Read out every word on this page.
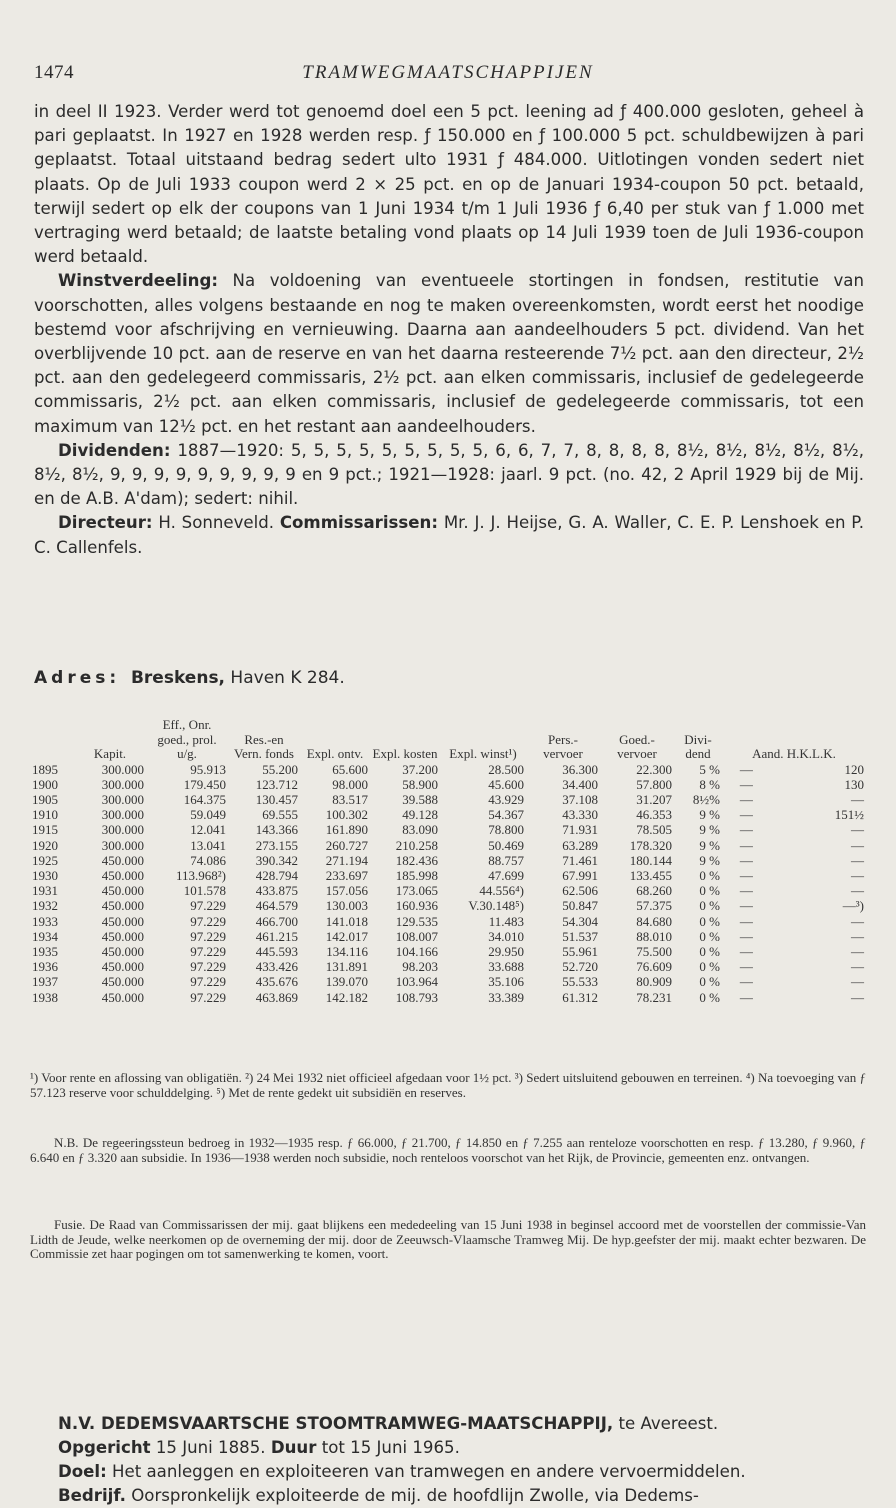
1474	TRAMWEGMAATSCHAPPIJEN

in deel II 1923. Verder werd tot genoemd doel een 5 pct. leening ad ƒ 400.000 gesloten, geheel à pari geplaatst. In 1927 en 1928 werden resp. ƒ 150.000 en ƒ 100.000 5 pct. schuldbewijzen à pari geplaatst. Totaal uitstaand bedrag sedert ulto 1931 ƒ 484.000. Uitlotingen vonden sedert niet plaats. Op de Juli 1933 coupon werd 2 × 25 pct. en op de Januari 1934-coupon 50 pct. betaald, terwijl sedert op elk der coupons van 1 Juni 1934 t/m 1 Juli 1936 ƒ 6,40 per stuk van ƒ 1.000 met vertraging werd betaald; de laatste betaling vond plaats op 14 Juli 1939 toen de Juli 1936-coupon werd betaald.

Winstverdeeling: Na voldoening van eventueele stortingen in fondsen, restitutie van voorschotten, alles volgens bestaande en nog te maken overeenkomsten, wordt eerst het noodige bestemd voor afschrijving en vernieuwing. Daarna aan aandeelhouders 5 pct. dividend. Van het overblijvende 10 pct. aan de reserve en van het daarna resteerende 7½ pct. aan den directeur, 2½ pct. aan den gedelegeerd commissaris, 2½ pct. aan elken commissaris, inclusief de gedelegeerde commissaris, 2½ pct. aan elken commissaris, inclusief de gedelegeerde commissaris, tot een maximum van 12½ pct. en het restant aan aandeelhouders.

Dividenden: 1887—1920: 5, 5, 5, 5, 5, 5, 5, 5, 5, 6, 6, 7, 7, 8, 8, 8, 8, 8½, 8½, 8½, 8½, 8½, 8½, 8½, 9, 9, 9, 9, 9, 9, 9, 9, 9 en 9 pct.; 1921—1928: jaarl. 9 pct. (no. 42, 2 April 1929 bij de Mij. en de A.B. A'dam); sedert: nihil.

Directeur: H. Sonneveld. Commissarissen: Mr. J. J. Heijse, G. A. Waller, C. E. P. Lenshoek en P. C. Callenfels.

Adres: Breskens, Haven K 284.
	Kapit.	Eff., Onr. goed., prol. u/g.	Res.-en Vern. fonds	Expl. ontv.	Expl. kosten	Expl. winst¹)	Pers.- vervoer	Goed.- vervoer	Divi- dend	Aand. H.K.L.K.	
1895	300.000	95.913	55.200	65.600	37.200	28.500	36.300	22.300	5 %	—	120
1900	300.000	179.450	123.712	98.000	58.900	45.600	34.400	57.800	8 %	—	130
1905	300.000	164.375	130.457	83.517	39.588	43.929	37.108	31.207	8½%	—	—
1910	300.000	59.049	69.555	100.302	49.128	54.367	43.330	46.353	9 %	—	151½
1915	300.000	12.041	143.366	161.890	83.090	78.800	71.931	78.505	9 %	—	—
1920	300.000	13.041	273.155	260.727	210.258	50.469	63.289	178.320	9 %	—	—
1925	450.000	74.086	390.342	271.194	182.436	88.757	71.461	180.144	9 %	—	—
1930	450.000	113.968²)	428.794	233.697	185.998	47.699	67.991	133.455	0 %	—	—
1931	450.000	101.578	433.875	157.056	173.065	44.556⁴)	62.506	68.260	0 %	—	—
1932	450.000	97.229	464.579	130.003	160.936	V.30.148⁵)	50.847	57.375	0 %	—	—³)
1933	450.000	97.229	466.700	141.018	129.535	11.483	54.304	84.680	0 %	—	—
1934	450.000	97.229	461.215	142.017	108.007	34.010	51.537	88.010	0 %	—	—
1935	450.000	97.229	445.593	134.116	104.166	29.950	55.961	75.500	0 %	—	—
1936	450.000	97.229	433.426	131.891	98.203	33.688	52.720	76.609	0 %	—	—
1937	450.000	97.229	435.676	139.070	103.964	35.106	55.533	80.909	0 %	—	—
1938	450.000	97.229	463.869	142.182	108.793	33.389	61.312	78.231	0 %	—	—

¹) Voor rente en aflossing van obligatiën. ²) 24 Mei 1932 niet officieel afgedaan voor 1½ pct. ³) Sedert uitsluitend gebouwen en terreinen. ⁴) Na toevoeging van ƒ 57.123 reserve voor schulddelging. ⁵) Met de rente gedekt uit subsidiën en reserves.

N.B. De regeeringssteun bedroeg in 1932—1935 resp. ƒ 66.000, ƒ 21.700, ƒ 14.850 en ƒ 7.255 aan renteloze voorschotten en resp. ƒ 13.280, ƒ 9.960, ƒ 6.640 en ƒ 3.320 aan subsidie. In 1936—1938 werden noch subsidie, noch renteloos voorschot van het Rijk, de Provincie, gemeenten enz. ontvangen.

Fusie. De Raad van Commissarissen der mij. gaat blijkens een mededeeling van 15 Juni 1938 in beginsel accoord met de voorstellen der commissie-Van Lidth de Jeude, welke neerkomen op de overneming der mij. door de Zeeuwsch-Vlaamsche Tramweg Mij. De hyp.geefster der mij. maakt echter bezwaren. De Commissie zet haar pogingen om tot samenwerking te komen, voort.

N.V. DEDEMSVAARTSCHE STOOMTRAMWEG-MAATSCHAPPIJ, te Avereest.

Opgericht 15 Juni 1885. Duur tot 15 Juni 1965.

Doel: Het aanleggen en exploiteeren van tramwegen en andere vervoermiddelen.

Bedrijf. Oorspronkelijk exploiteerde de mij. de hoofdlijn Zwolle, via Dedems-
